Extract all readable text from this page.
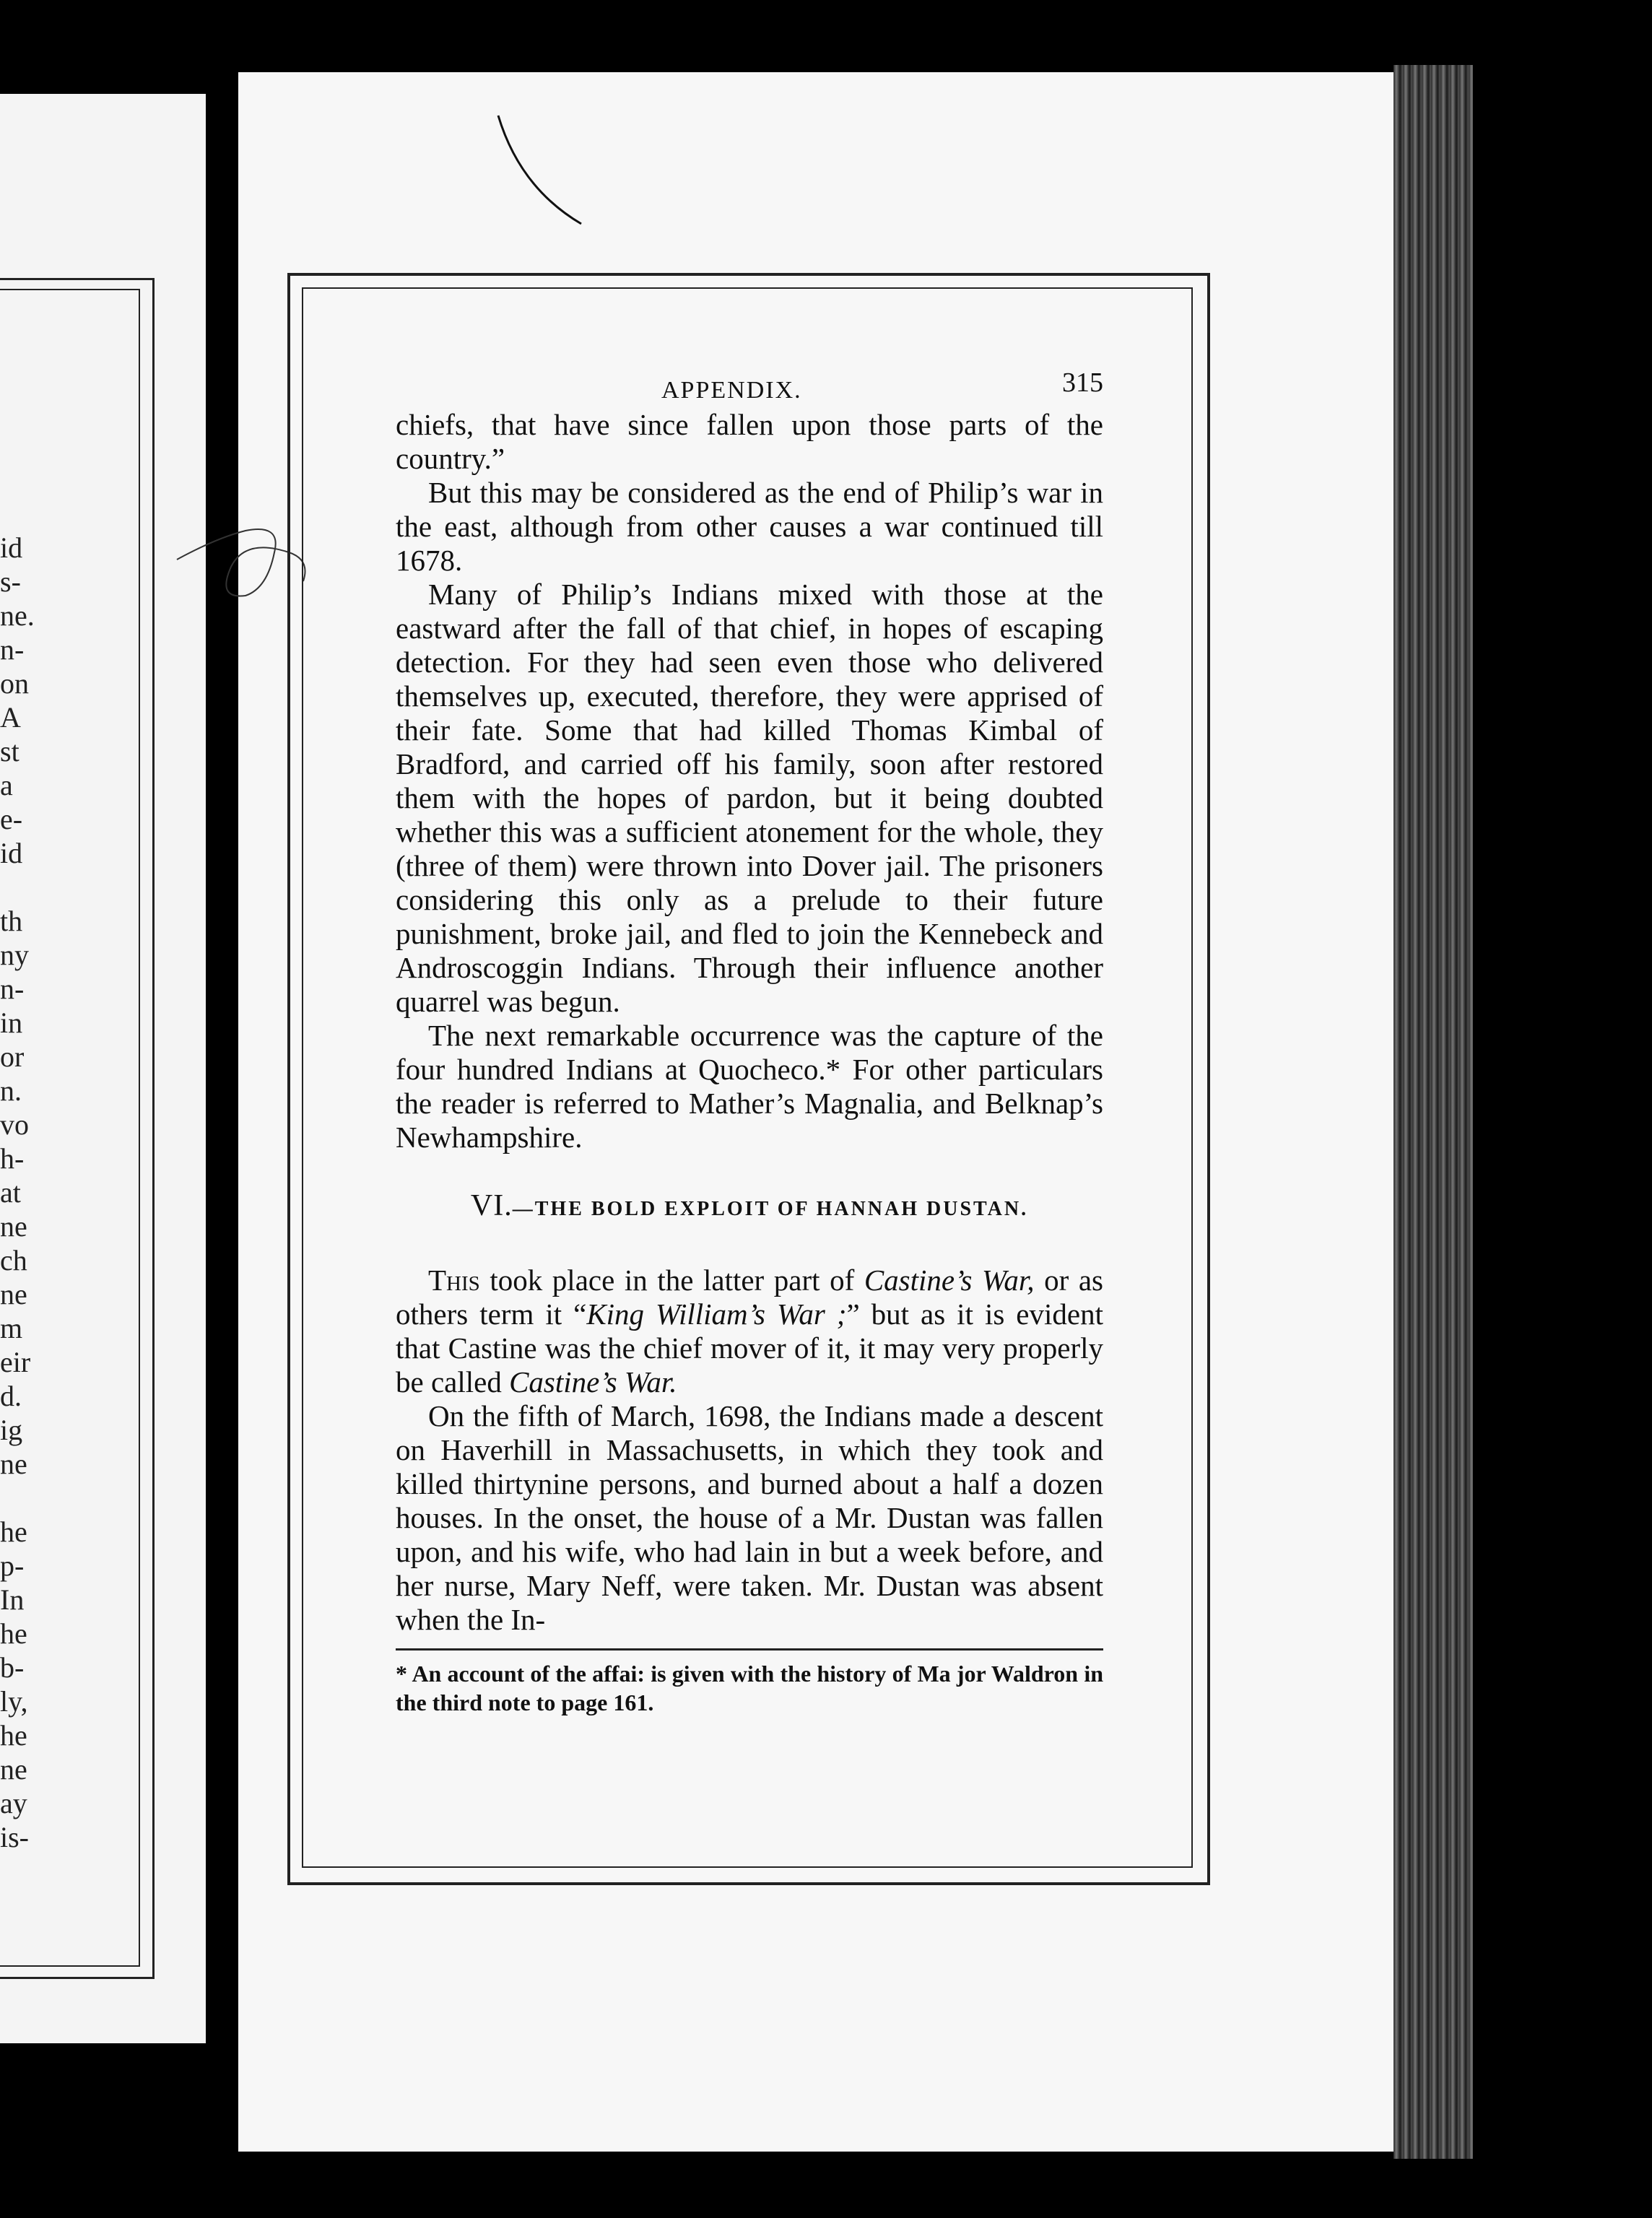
id
s-
ne.
n-
on
A
st
a
e-
id
th
ny
n-
in
or
n.
vo
h-
at
ne
ch
ne
m
eir
d.
ig
ne
he
p-
In
he
b-
ly,
he
ne
ay
is-
APPENDIX.	315

chiefs, that have since fallen upon those parts of the country.”

But this may be considered as the end of Philip’s war in the east, although from other causes a war continued till 1678.

Many of Philip’s Indians mixed with those at the eastward after the fall of that chief, in hopes of escaping detection. For they had seen even those who delivered themselves up, executed, therefore, they were apprised of their fate. Some that had killed Thomas Kimbal of Bradford, and carried off his family, soon after restored them with the hopes of pardon, but it being doubted whether this was a sufficient atonement for the whole, they (three of them) were thrown into Dover jail. The prisoners considering this only as a prelude to their future punishment, broke jail, and fled to join the Kennebeck and Androscoggin Indians. Through their influence another quarrel was begun.

The next remarkable occurrence was the capture of the four hundred Indians at Quocheco.* For other particulars the reader is referred to Mather’s Magnalia, and Belknap’s Newhampshire.

VI.—THE BOLD EXPLOIT OF HANNAH DUSTAN.

This took place in the latter part of Castine’s War, or as others term it “King William’s War ;” but as it is evident that Castine was the chief mover of it, it may very properly be called Castine’s War.

On the fifth of March, 1698, the Indians made a descent on Haverhill in Massachusetts, in which they took and killed thirtynine persons, and burned about a half a dozen houses. In the onset, the house of a Mr. Dustan was fallen upon, and his wife, who had lain in but a week before, and her nurse, Mary Neff, were taken. Mr. Dustan was absent when the In-

* An account of the affai: is given with the history of Ma jor Waldron in the third note to page 161.
